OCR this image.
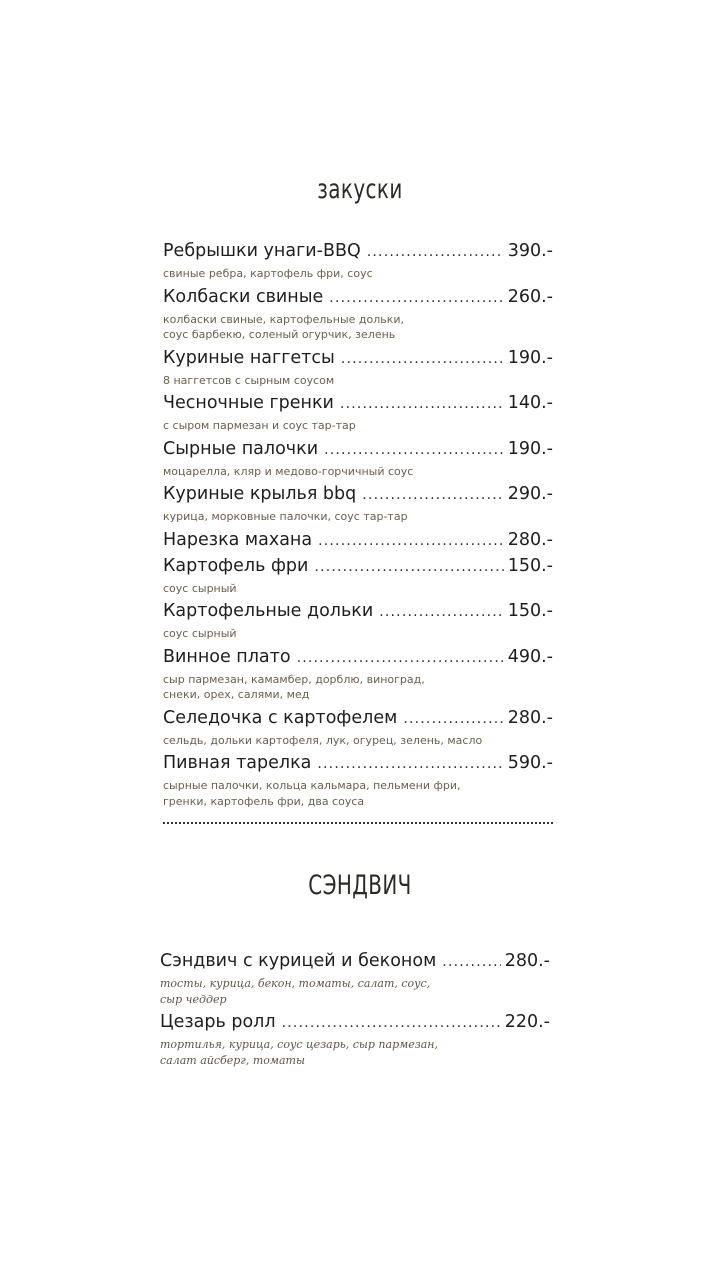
закуски
Ребрышки унаги-BBQ .....	390.-
свиные ребра, картофель фри, соус
Колбаски свиные .....	260.-
колбаски свиные, картофельные дольки,
соус барбекю, соленый огурчик, зелень
Куриные наггетсы .....	190.-
8 наггетсов с сырным соусом
Чесночные гренки .....	140.-
с сыром пармезан и соус тар-тар
Сырные палочки .....	190.-
моцарелла, кляр и медово-горчичный соус
Куриные крылья bbq .....	290.-
курица, морковные палочки, соус тар-тар
Нарезка махана .....	280.-
Картофель фри .....	150.-
соус сырный
Картофельные дольки .....	150.-
соус сырный
Винное плато .....	490.-
сыр пармезан, камамбер, дорблю, виноград,
снеки, орех, салями, мед
Селедочка с картофелем .....	280.-
сельдь, дольки картофеля, лук, огурец, зелень, масло
Пивная тарелка .....	590.-
сырные палочки, кольца кальмара, пельмени фри,
гренки, картофель фри, два соуса
СЭНДВИЧ
Сэндвич с курицей и беконом .....	280.-
тосты, курица, бекон, томаты, салат, соус,
сыр чеддер
Цезарь ролл .....	220.-
тортилья, курица, соус цезарь, сыр пармезан,
салат айсберг, томаты
